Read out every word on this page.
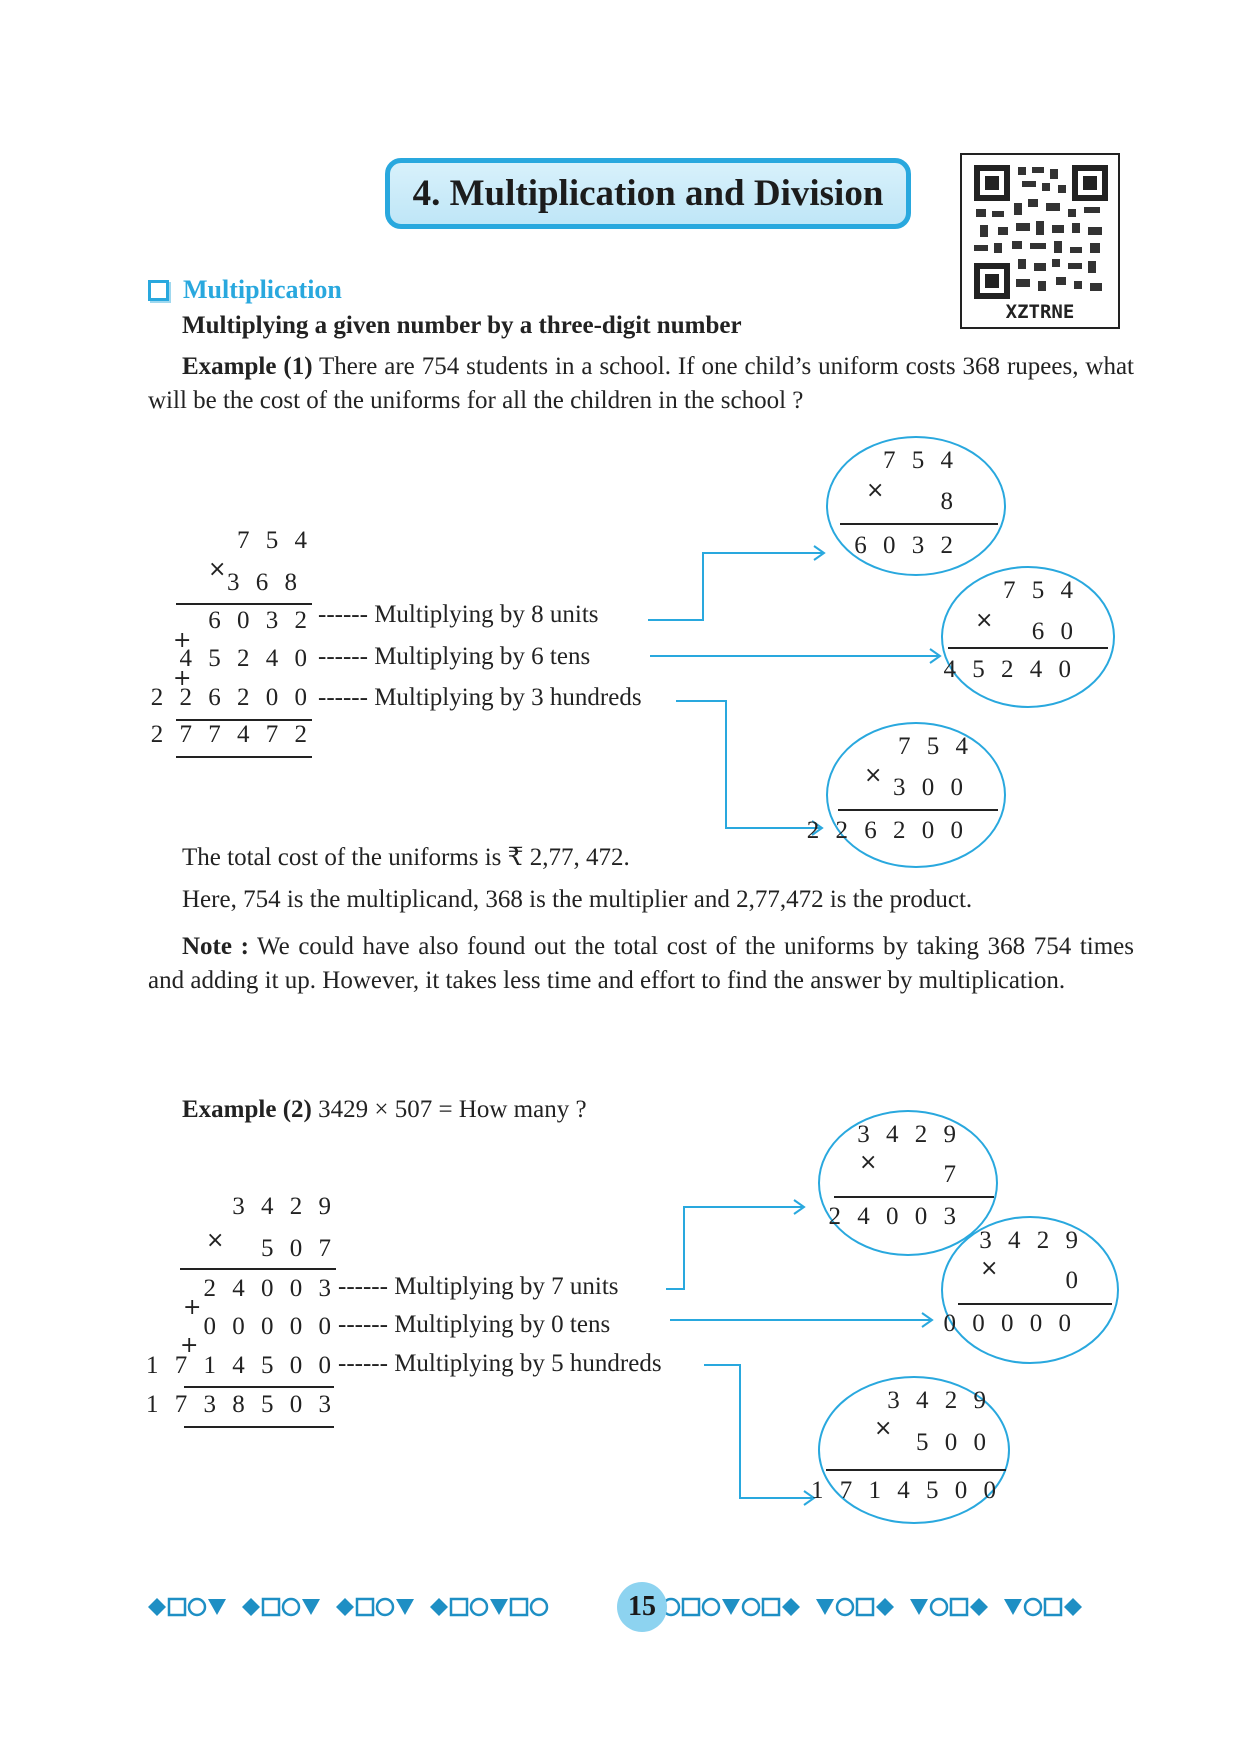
4. Multiplication and Division
XZTRNE
Multiplication
Multiplying a given number by a three-digit number
Example (1) There are 754 students in a school. If one child’s uniform costs 368 rupees, what will be the cost of the uniforms for all the children in the school ?
7 5 4
× 3 6 8
6 0 3 2
+
4 5 2 4 0
+
2 2 6 2 0 0
2 7 7 4 7 2
------ Multiplying by 8 units
------ Multiplying by 6 tens
------ Multiplying by 3 hundreds
7 5 4
× 8
6 0 3 2
7 5 4
× 6 0
4 5 2 4 0
7 5 4
× 3 0 0
2 2 6 2 0 0
The total cost of the uniforms is ₹ 2,77, 472.
Here, 754 is the multiplicand, 368 is the multiplier and 2,77,472 is the product.
Note : We could have also found out the total cost of the uniforms by taking 368 754 times and adding it up. However, it takes less time and effort to find the answer by multiplication.
Example (2) 3429 × 507 = How many ?
3 4 2 9
× 5 0 7
2 4 0 0 3
+
0 0 0 0 0
+
1 7 1 4 5 0 0
1 7 3 8 5 0 3
------ Multiplying by 7 units
------ Multiplying by 0 tens
------ Multiplying by 5 hundreds
3 4 2 9
×	7
2 4 0 0 3
3 4 2 9
×	0
0 0 0 0 0
3 4 2 9
×
5 0 0
1 7 1 4 5 0 0
15
